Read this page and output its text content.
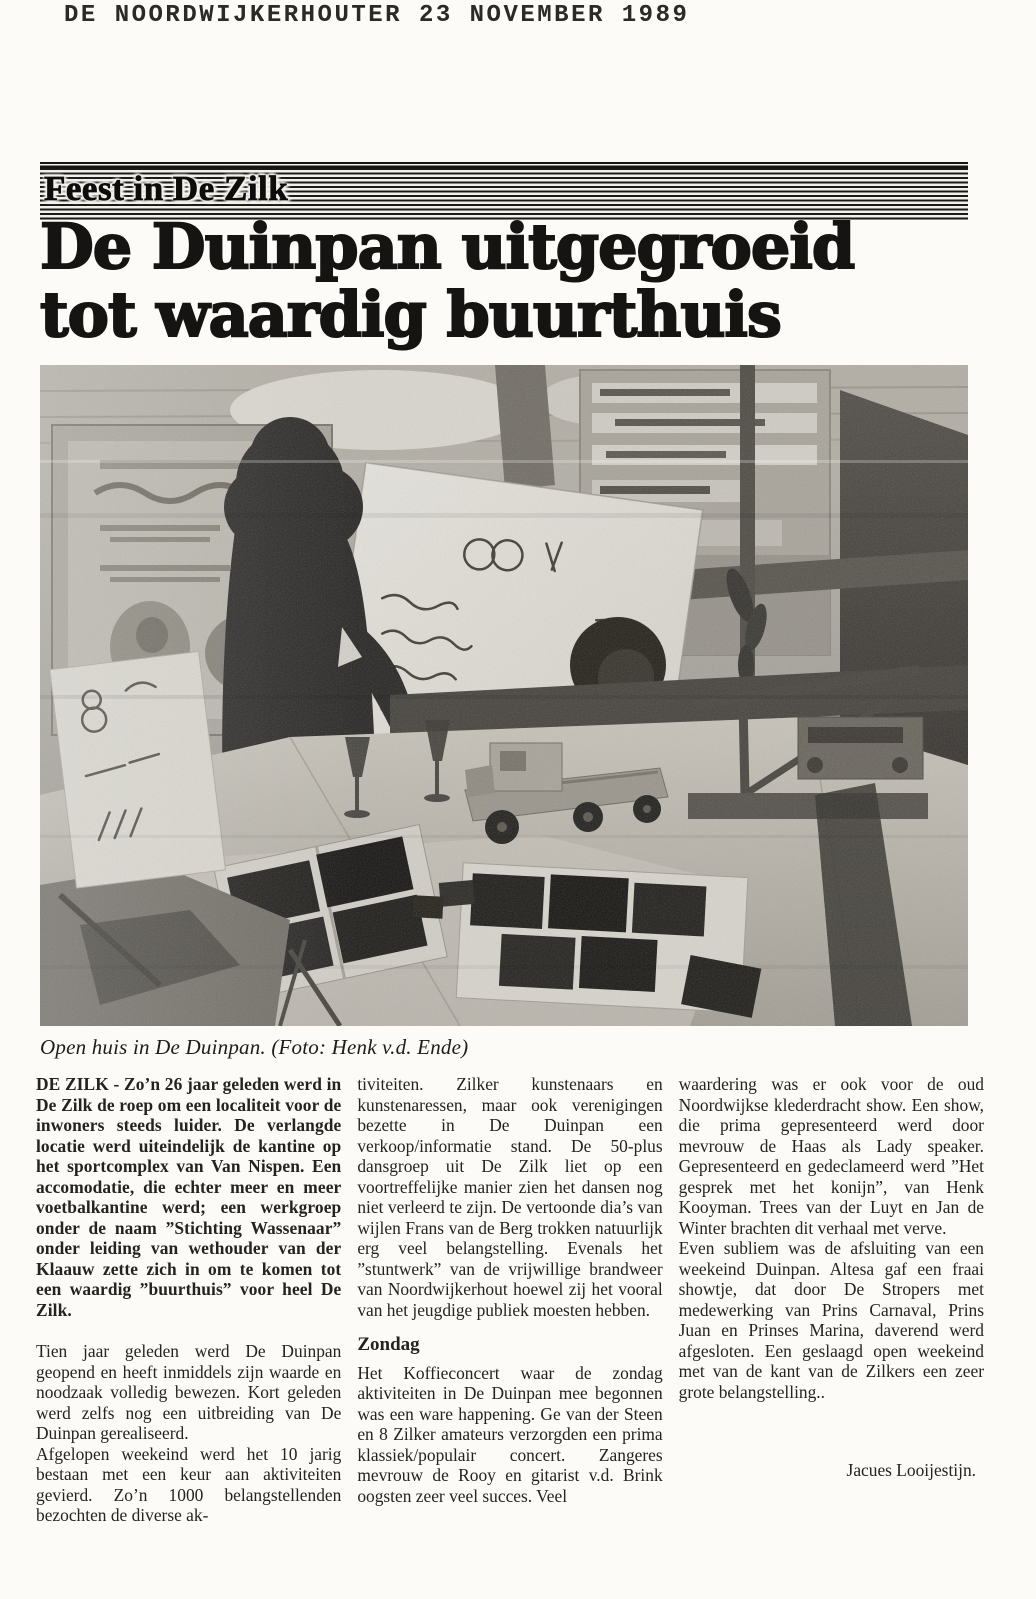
DE NOORDWIJKERHOUTER 23 NOVEMBER 1989
Feest in De Zilk
De Duinpan uitgegroeid
tot waardig buurthuis
Open huis in De Duinpan. (Foto: Henk v.d. Ende)

DE ZILK - Zo’n 26 jaar geleden werd in De Zilk de roep om een localiteit voor de inwoners steeds luider. De verlangde locatie werd uiteindelijk de kantine op het sportcomplex van Van Nispen. Een accomodatie, die echter meer en meer voetbalkantine werd; een werkgroep onder de naam ”Stichting Wassenaar” onder leiding van wethouder van der Klaauw zette zich in om te komen tot een waardig ”buurthuis” voor heel De Zilk.

Tien jaar geleden werd De Duinpan geopend en heeft inmiddels zijn waarde en noodzaak volledig bewezen. Kort geleden werd zelfs nog een uitbreiding van De Duinpan gerealiseerd.

Afgelopen weekeind werd het 10 jarig bestaan met een keur aan aktiviteiten gevierd. Zo’n 1000 belangstellenden bezochten de diverse ak-

tiviteiten. Zilker kunstenaars en kunstenaressen, maar ook verenigingen bezette in De Duinpan een verkoop/informatie stand. De 50-plus dansgroep uit De Zilk liet op een voortreffelijke manier zien het dansen nog niet verleerd te zijn. De vertoonde dia’s van wijlen Frans van de Berg trokken natuurlijk erg veel belangstelling. Evenals het ”stuntwerk” van de vrijwillige brandweer van Noordwijkerhout hoewel zij het vooral van het jeugdige publiek moesten hebben.

Zondag

Het Koffieconcert waar de zondag aktiviteiten in De Duinpan mee begonnen was een ware happening. Ge van der Steen en 8 Zilker amateurs verzorgden een prima klassiek/populair concert. Zangeres mevrouw de Rooy en gitarist v.d. Brink oogsten zeer veel succes. Veel

waardering was er ook voor de oud Noordwijkse klederdracht show. Een show, die prima gepresenteerd werd door mevrouw de Haas als Lady speaker. Gepresenteerd en gedeclameerd werd ”Het gesprek met het konijn”, van Henk Kooyman. Trees van der Luyt en Jan de Winter brachten dit verhaal met verve.

Even subliem was de afsluiting van een weekeind Duinpan. Altesa gaf een fraai showtje, dat door De Stropers met medewerking van Prins Carnaval, Prins Juan en Prinses Marina, daverend werd afgesloten. Een geslaagd open weekeind met van de kant van de Zilkers een zeer grote belangstelling..

Jacues Looijestijn.
